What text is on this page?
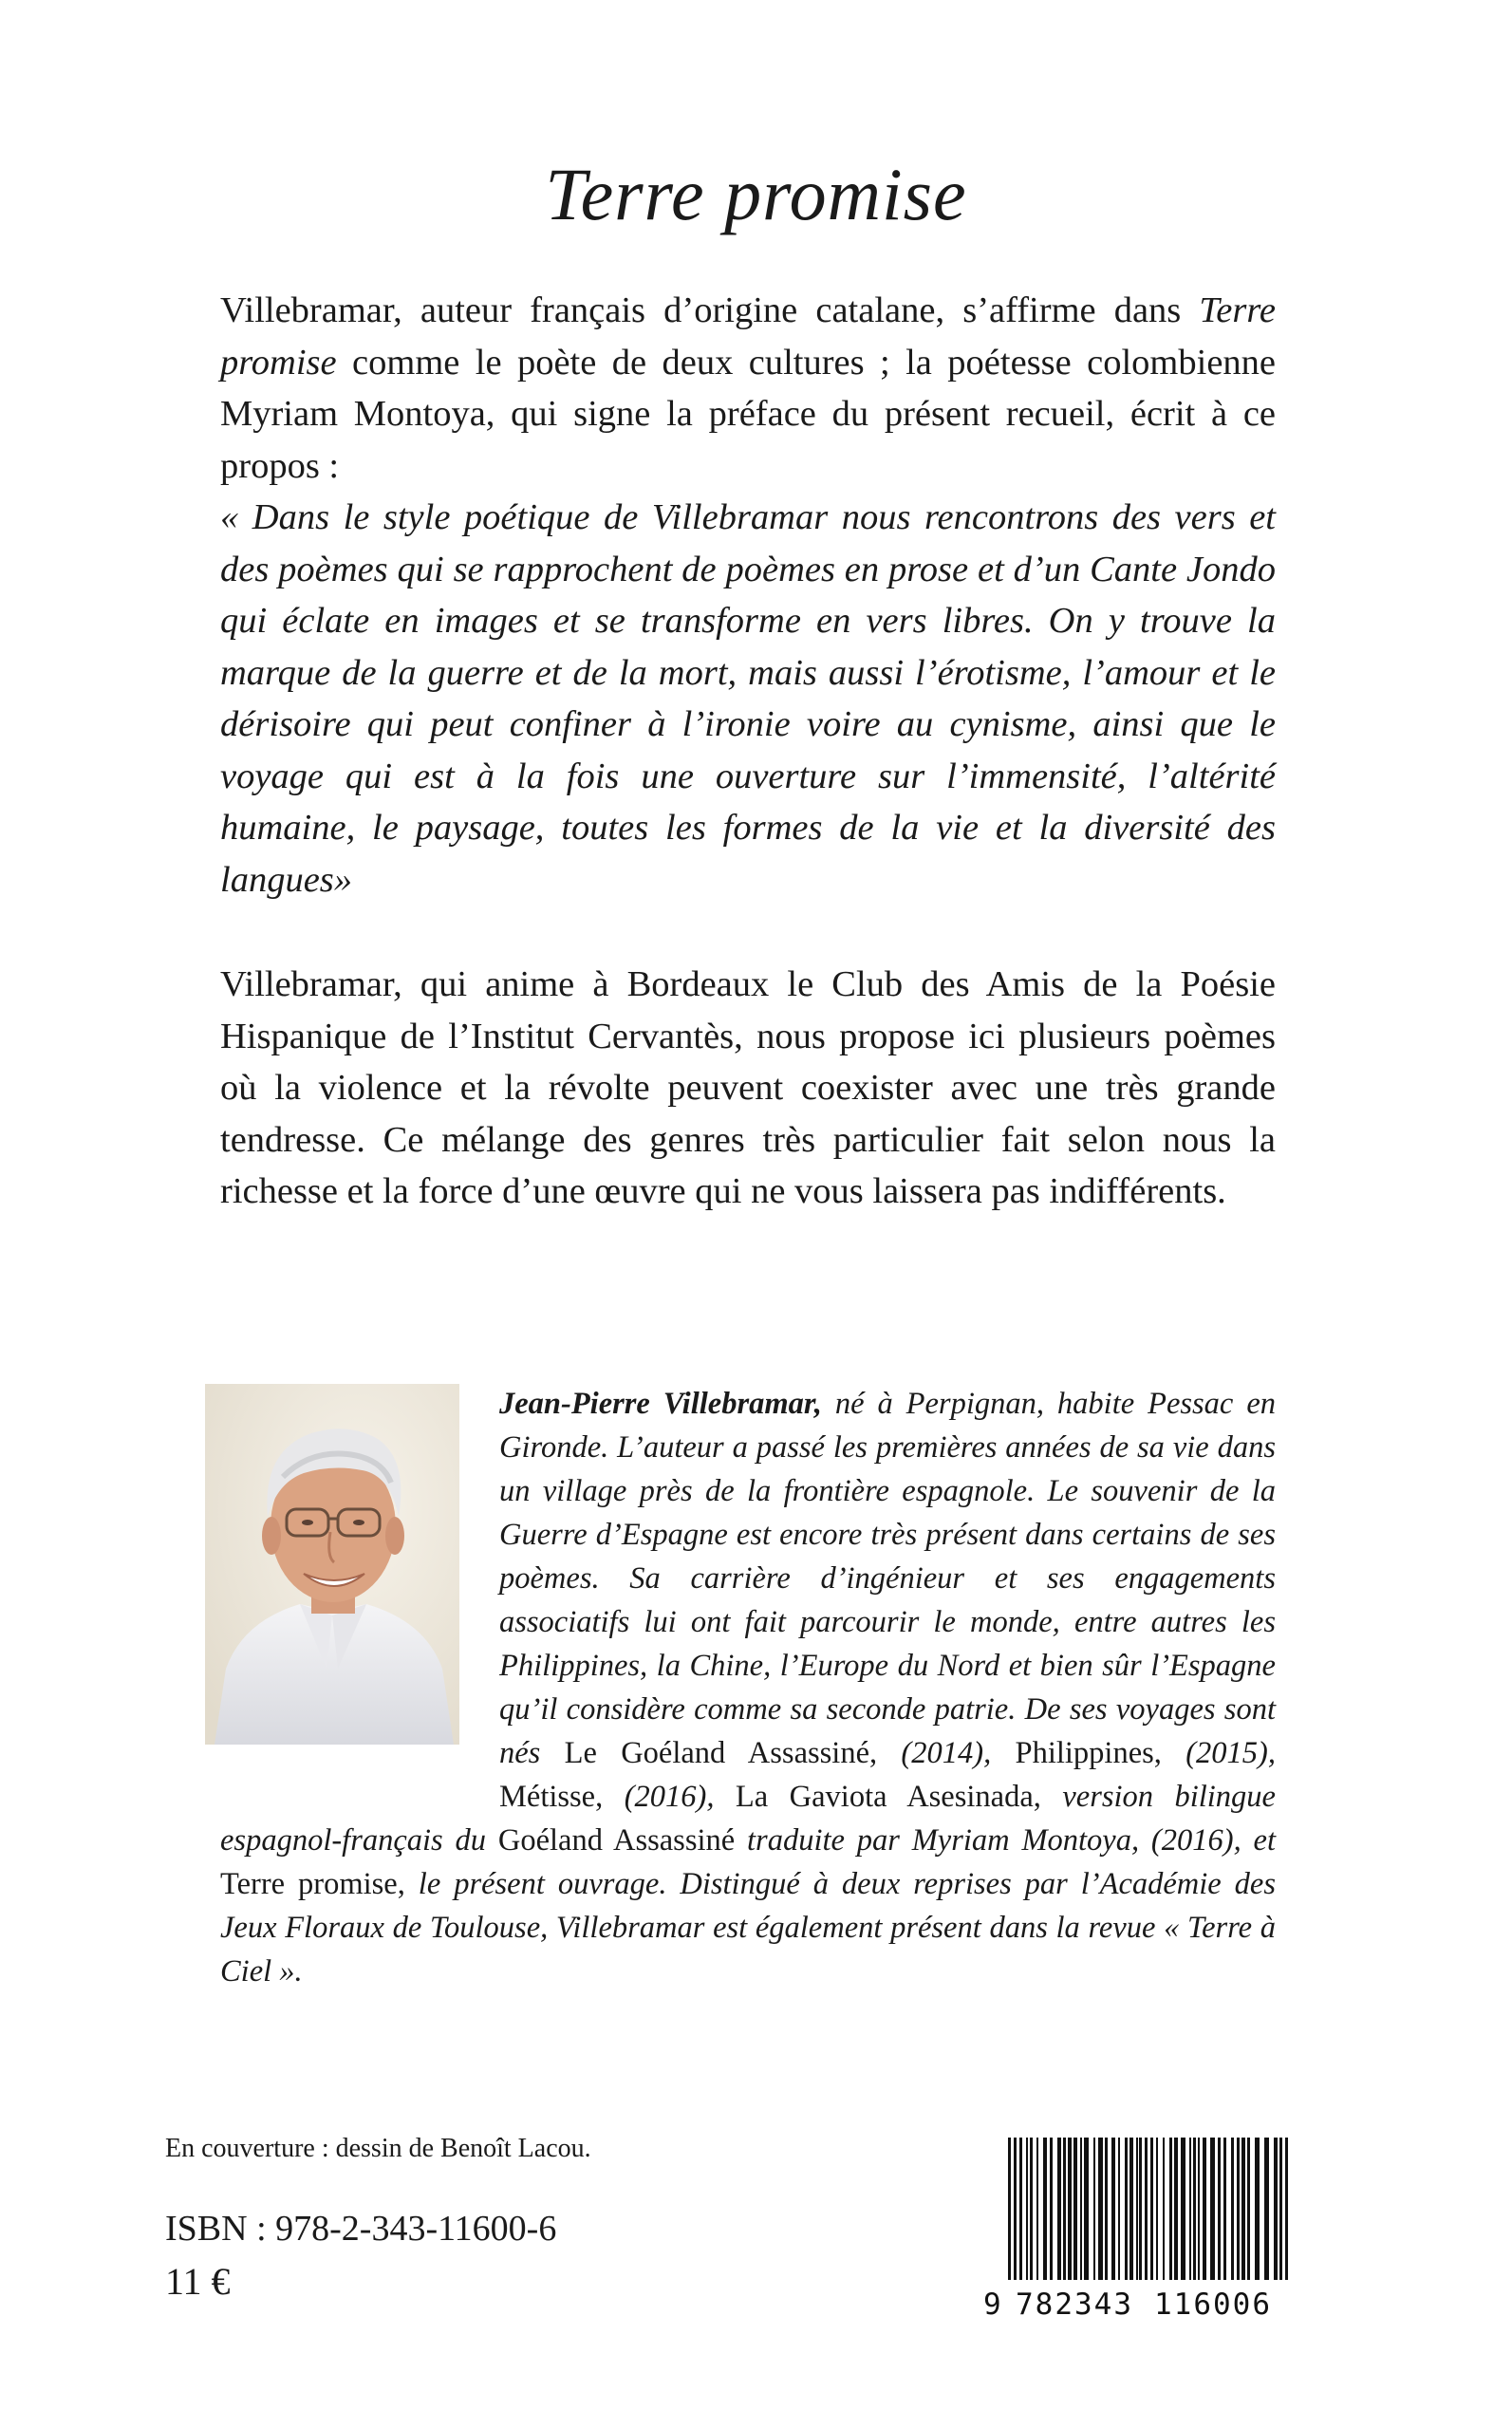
Terre promise

Villebramar, auteur français d’origine catalane, s’affirme dans Terre promise comme le poète de deux cultures ; la poétesse colombienne Myriam Montoya, qui signe la préface du présent recueil, écrit à ce propos :

« Dans le style poétique de Villebramar nous rencontrons des vers et des poèmes qui se rapprochent de poèmes en prose et d’un Cante Jondo qui éclate en images et se transforme en vers libres. On y trouve la marque de la guerre et de la mort, mais aussi l’érotisme, l’amour et le dérisoire qui peut confiner à l’ironie voire au cynisme, ainsi que le voyage qui est à la fois une ouverture sur l’immensité, l’altérité humaine, le paysage, toutes les formes de la vie et la diversité des langues»

Villebramar, qui anime à Bordeaux le Club des Amis de la Poésie Hispanique de l’Institut Cervantès, nous propose ici plusieurs poèmes où la violence et la révolte peuvent coexister avec une très grande tendresse. Ce mélange des genres très particulier fait selon nous la richesse et la force d’une œuvre qui ne vous laissera pas indifférents.

Jean-Pierre Villebramar, né à Perpignan, habite Pessac en Gironde. L’auteur a passé les premières années de sa vie dans un village près de la frontière espagnole. Le souvenir de la Guerre d’Espagne est encore très présent dans certains de ses poèmes. Sa carrière d’ingénieur et ses engagements associatifs lui ont fait parcourir le monde, entre autres les Philippines, la Chine, l’Europe du Nord et bien sûr l’Espagne qu’il considère comme sa seconde patrie. De ses voyages sont nés Le Goéland Assassiné, (2014), Philippines, (2015), Métisse, (2016), La Gaviota Asesinada, version bilingue espagnol-français du Goéland Assassiné traduite par Myriam Montoya, (2016), et Terre promise, le présent ouvrage. Distingué à deux reprises par l’Académie des Jeux Floraux de Toulouse, Villebramar est également présent dans la revue « Terre à Ciel ».
En couverture : dessin de Benoît Lacou.
ISBN : 978-2-343-11600-6
11 €
9 782343 116006
